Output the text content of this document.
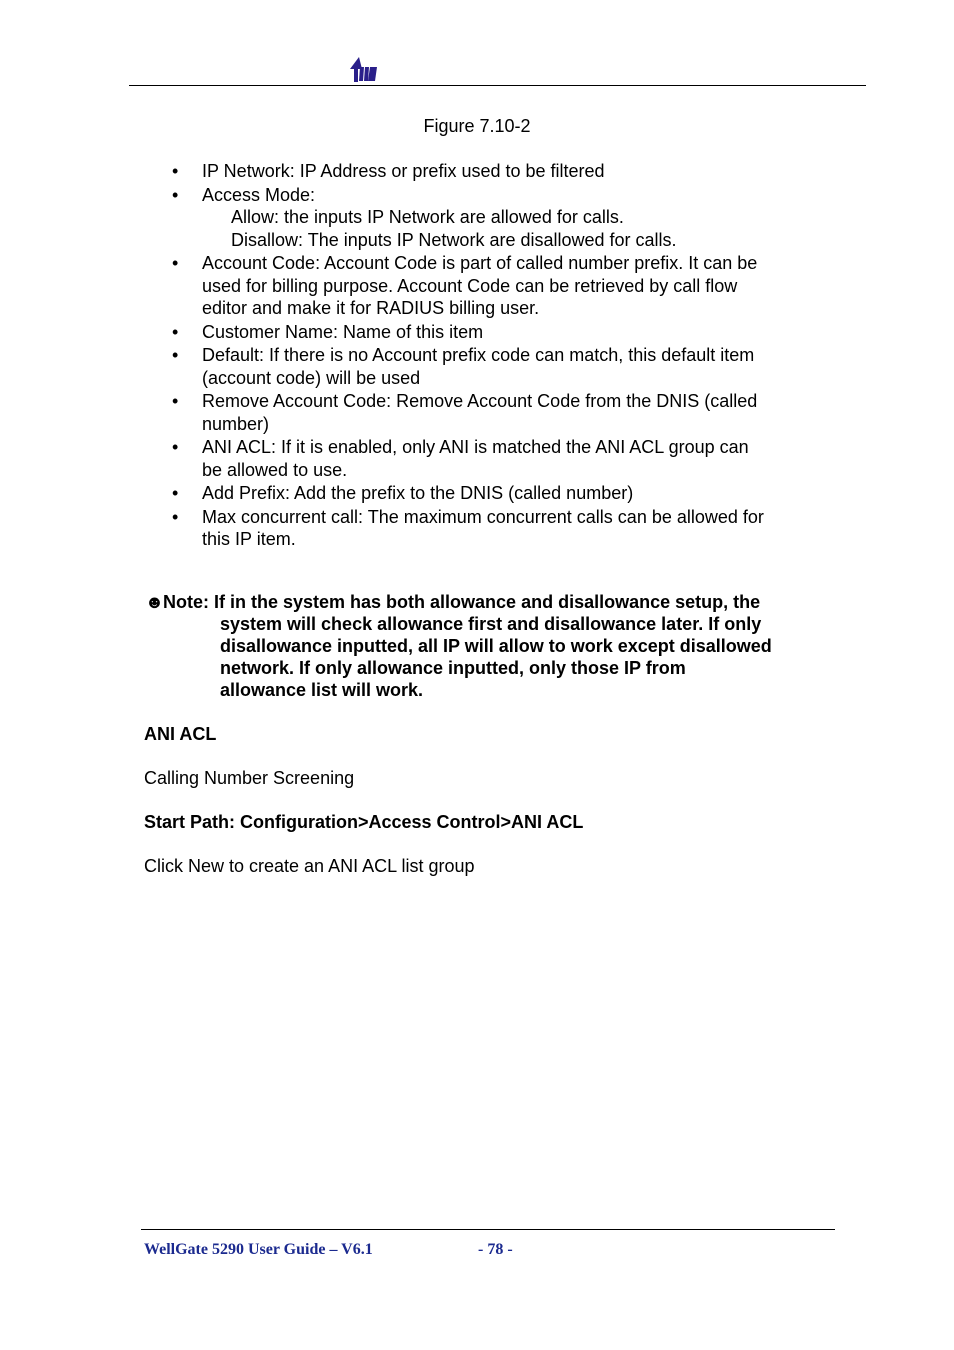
Figure 7.10-2
• IP Network: IP Address or prefix used to be filtered
• Access Mode:
Allow: the inputs IP Network are allowed for calls.
Disallow: The inputs IP Network are disallowed for calls.
• Account Code: Account Code is part of called number prefix. It can be
used for billing purpose. Account Code can be retrieved by call flow
editor and make it for RADIUS billing user.
• Customer Name: Name of this item
• Default: If there is no Account prefix code can match, this default item
(account code) will be used
• Remove Account Code: Remove Account Code from the DNIS (called
number)
• ANI ACL: If it is enabled, only ANI is matched the ANI ACL group can
be allowed to use.
• Add Prefix: Add the prefix to the DNIS (called number)
• Max concurrent call: The maximum concurrent calls can be allowed for
this IP item.
☻ Note: If in the system has both allowance and disallowance setup, the
system will check allowance first and disallowance later. If only
disallowance inputted, all IP will allow to work except disallowed
network. If only allowance inputted, only those IP from
allowance list will work.
ANI ACL
Calling Number Screening
Start Path: Configuration>Access Control>ANI ACL
Click New to create an ANI ACL list group
WellGate 5290 User Guide – V6.1	- 78 -
